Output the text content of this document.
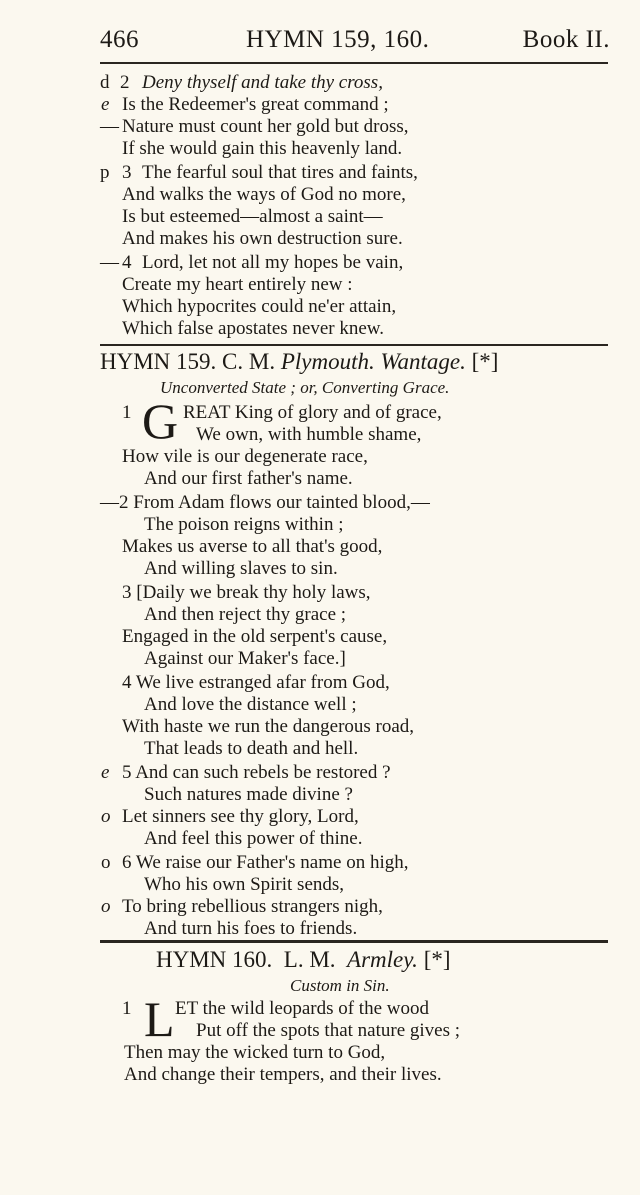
466	HYMN 159, 160.	Book II.
d 2 Deny thyself and take thy cross,
e Is the Redeemer's great command ;
— Nature must count her gold but dross,
If she would gain this heavenly land.
p 3 The fearful soul that tires and faints,
And walks the ways of God no more,
Is but esteemed—almost a saint—
And makes his own destruction sure.
— 4 Lord, let not all my hopes be vain,
Create my heart entirely new :
Which hypocrites could ne'er attain,
Which false apostates never knew.
HYMN 159. C. M. Plymouth. Wantage. [*]
Unconverted State ; or, Converting Grace.
1 G REAT King of glory and of grace,
We own, with humble shame,
How vile is our degenerate race,
And our first father's name.
—2 From Adam flows our tainted blood,—
The poison reigns within ;
Makes us averse to all that's good,
And willing slaves to sin.
3 [Daily we break thy holy laws,
And then reject thy grace ;
Engaged in the old serpent's cause,
Against our Maker's face.]
4 We live estranged afar from God,
And love the distance well ;
With haste we run the dangerous road,
That leads to death and hell.
e 5 And can such rebels be restored ?
Such natures made divine ?
o Let sinners see thy glory, Lord,
And feel this power of thine.
o 6 We raise our Father's name on high,
Who his own Spirit sends,
o To bring rebellious strangers nigh,
And turn his foes to friends.
HYMN 160. L. M. Armley. [*]
Custom in Sin.
1 L ET the wild leopards of the wood
Put off the spots that nature gives ;
Then may the wicked turn to God,
And change their tempers, and their lives.
